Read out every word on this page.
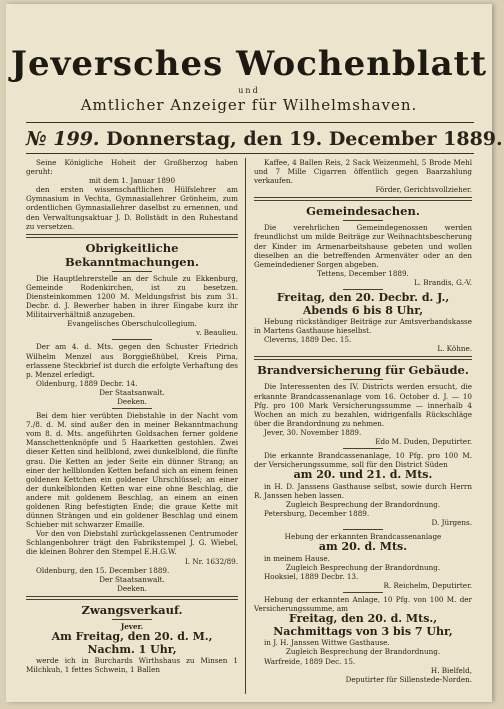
Jeversches Wochenblatt
und
Amtlicher Anzeiger für Wilhelmshaven.
№ 199. Donnerstag, den 19. December 1889.

Seine Königliche Hoheit der Großherzog haben geruht:

mit dem 1. Januar 1890

den ersten wissenschaftlichen Hülfslehrer am Gymnasium in Vechta, Gymnasiallehrer Grönheim, zum ordentlichen Gymnasiallehrer daselbst zu ernennen, und den Verwaltungsaktuar J. D. Bollstädt in den Ruhestand zu versetzen.

Obrigkeitliche Bekanntmachungen.

Die Hauptlehrerstelle an der Schule zu Ekkenburg, Gemeinde Rodenkirchen, ist zu besetzen. Diensteinkommen 1200 M. Meldungsfrist bis zum 31. Decbr. d. J. Bewerber haben in ihrer Eingabe kurz ihr Militairverhältniß anzugeben.

Evangelisches Oberschulcollegium.

v. Beaulieu.

Der am 4. d. Mts. gegen den Schuster Friedrich Wilhelm Menzel aus Borggießhübel, Kreis Pirna, erlassene Steckbrief ist durch die erfolgte Verhaftung des p. Menzel erledigt.

Oldenburg, 1889 Decbr. 14.

Der Staatsanwalt.

Deeken.

Bei dem hier verübten Diebstahle in der Nacht vom 7./8. d. M. sind außer den in meiner Bekanntmachung vom 8. d. Mts. angeführten Goldsachen ferner goldene Manschettenknöpfe und 5 Haarketten gestohlen. Zwei dieser Ketten sind hellblond, zwei dunkelblond, die fünfte grau. Die Ketten an jeder Seite ein dünner Strang; an einer der hellblonden Ketten befand sich an einem feinen goldenen Kettchen ein goldener Uhrschlüssel; an einer der dunkelblonden Ketten war eine ohne Beschlag, die andere mit goldenem Beschlag, an einem an einen goldenen Ring befestigten Ende; die graue Kette mit dünnen Strängen und ein goldener Beschlag und einem Schieber mit schwarzer Emaille.

Vor den von Diebstahl zurückgelassenen Centrumoder Schlangenbohrer trägt den Fabrikstempel J. G. Wiebel, die kleinen Bohrer den Stempel E.H.G.W.

I. Nr. 1632/89.

Oldenburg, den 15. December 1889.

Der Staatsanwalt.

Deeken.

Zwangsverkauf.

Jever.

Am Freitag, den 20. d. M.,

Nachm. 1 Uhr,

werde ich in Burchards Wirthshaus zu Minsen 1 Milchkuh, 1 fettes Schwein, 1 Ballen

Kaffee, 4 Ballen Reis, 2 Sack Weizenmehl, 5 Brode Mehl und 7 Mille Cigarren öffentlich gegen Baarzahlung verkaufen.

Förder, Gerichtsvollzieher.

Gemeindesachen.

Die verehrlichen Gemeindegenossen werden freundlichst um milde Beiträge zur Weihnachtsbescherung der Kinder im Armenarbeitshause gebeten und wollen dieselben an die betreffenden Armenväter oder an den Gemeindediener Sorgen abgeben.

Tettens, December 1889.

L. Brandis, G.-V.

Freitag, den 20. Decbr. d. J.,

Abends 6 bis 8 Uhr,

Hebung rückständiger Beiträge zur Amtsverbandskasse in Martens Gasthause hieselbst.

Cleverns, 1889 Dec. 15.

L. Köhne.

Brandversicherung für Gebäude.

Die Interessenten des IV. Districts werden ersucht, die erkannte Brandcassenanlage vom 16. October d. J. — 10 Pfg. pro 100 Mark Versicherungssumme — innerhalb 4 Wochen an mich zu bezahlen, widrigenfalls Rückschläge über die Brandordnung zu nehmen.

Jever, 30. November 1889.

Edo M. Duden, Deputirter.

Die erkannte Brandcassenanlage, 10 Pfg. pro 100 M. der Versicherungssumme, soll für den District Süden

am 20. und 21. d. Mts.

in H. D. Janssens Gasthause selbst, sowie durch Herrn R. Janssen heben lassen.

Zugleich Besprechung der Brandordnung.

Petersburg, December 1889.

D. Jürgens.

Hebung der erkannten Brandcassenanlage

am 20. d. Mts.

in meinem Hause.

Zugleich Besprechung der Brandordnung.

Hooksiel, 1889 Decbr. 13.

R. Reichelm, Deputirter.

Hebung der erkannten Anlage, 10 Pfg. von 100 M. der Versicherungssumme, am

Freitag, den 20. d. Mts.,

Nachmittags von 3 bis 7 Uhr,

in J. H. Janssen Wittwe Gasthause.

Zugleich Besprechung der Brandordnung.

Warfreide, 1889 Dec. 15.

H. Bielfeld,

Deputirter für Sillenstede-Norden.
